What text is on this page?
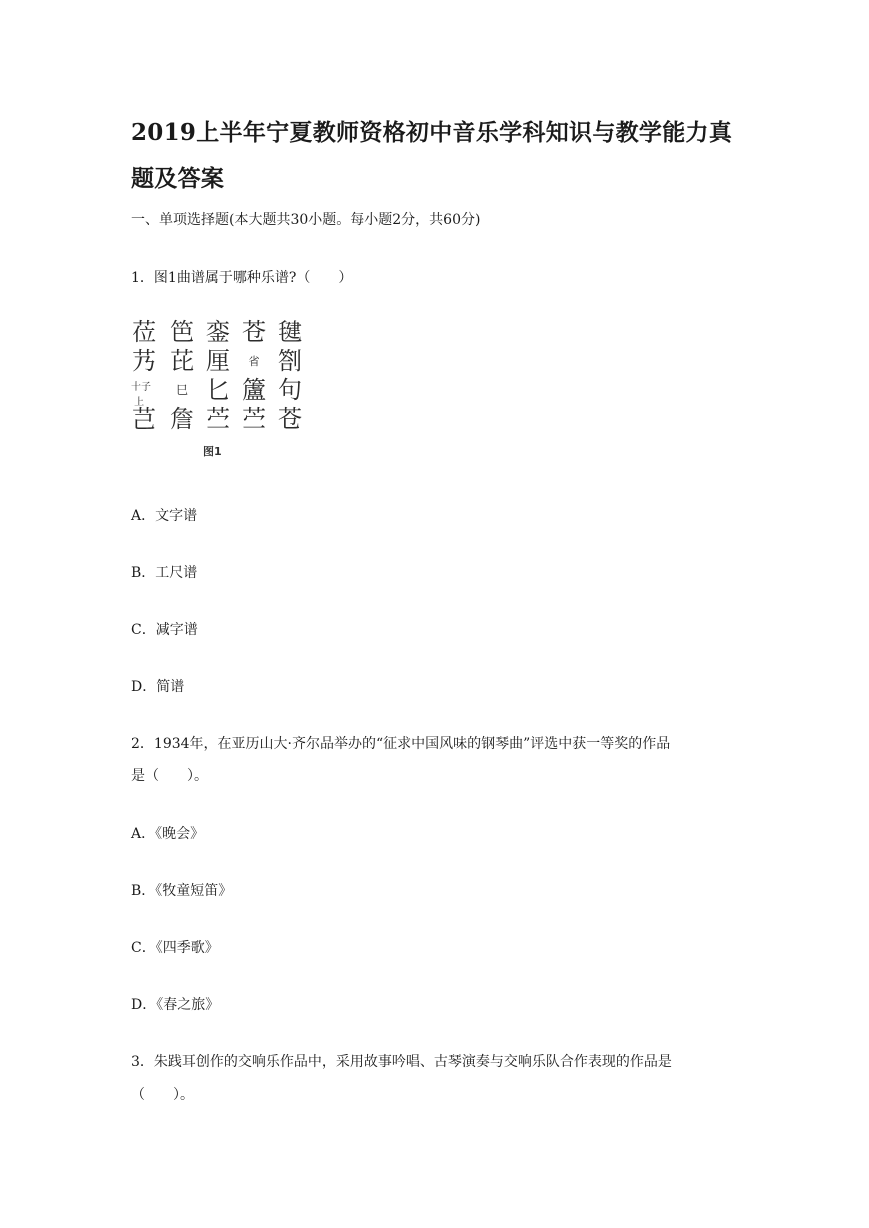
2019上半年宁夏教师资格初中音乐学科知识与教学能力真题及答案
一、单项选择题(本大题共30小题。每小题2分，共60分)
1．图1曲谱属于哪种乐谱?（　　）
莅
艿
芑
十子
上
笆
芘
巳
詹
銮
厘
匕
苎
苍
省
籚
苎
毽
劄
句
苍
图1
A．文字谱
B．工尺谱
C．减字谱
D．简谱
2．1934年，在亚历山大·齐尔品举办的“征求中国风味的钢琴曲”评选中获一等奖的作品
是（　　）。
A．《晚会》
B．《牧童短笛》
C．《四季歌》
D．《春之旅》
3．朱践耳创作的交响乐作品中，采用故事吟唱、古琴演奏与交响乐队合作表现的作品是
（　　）。
